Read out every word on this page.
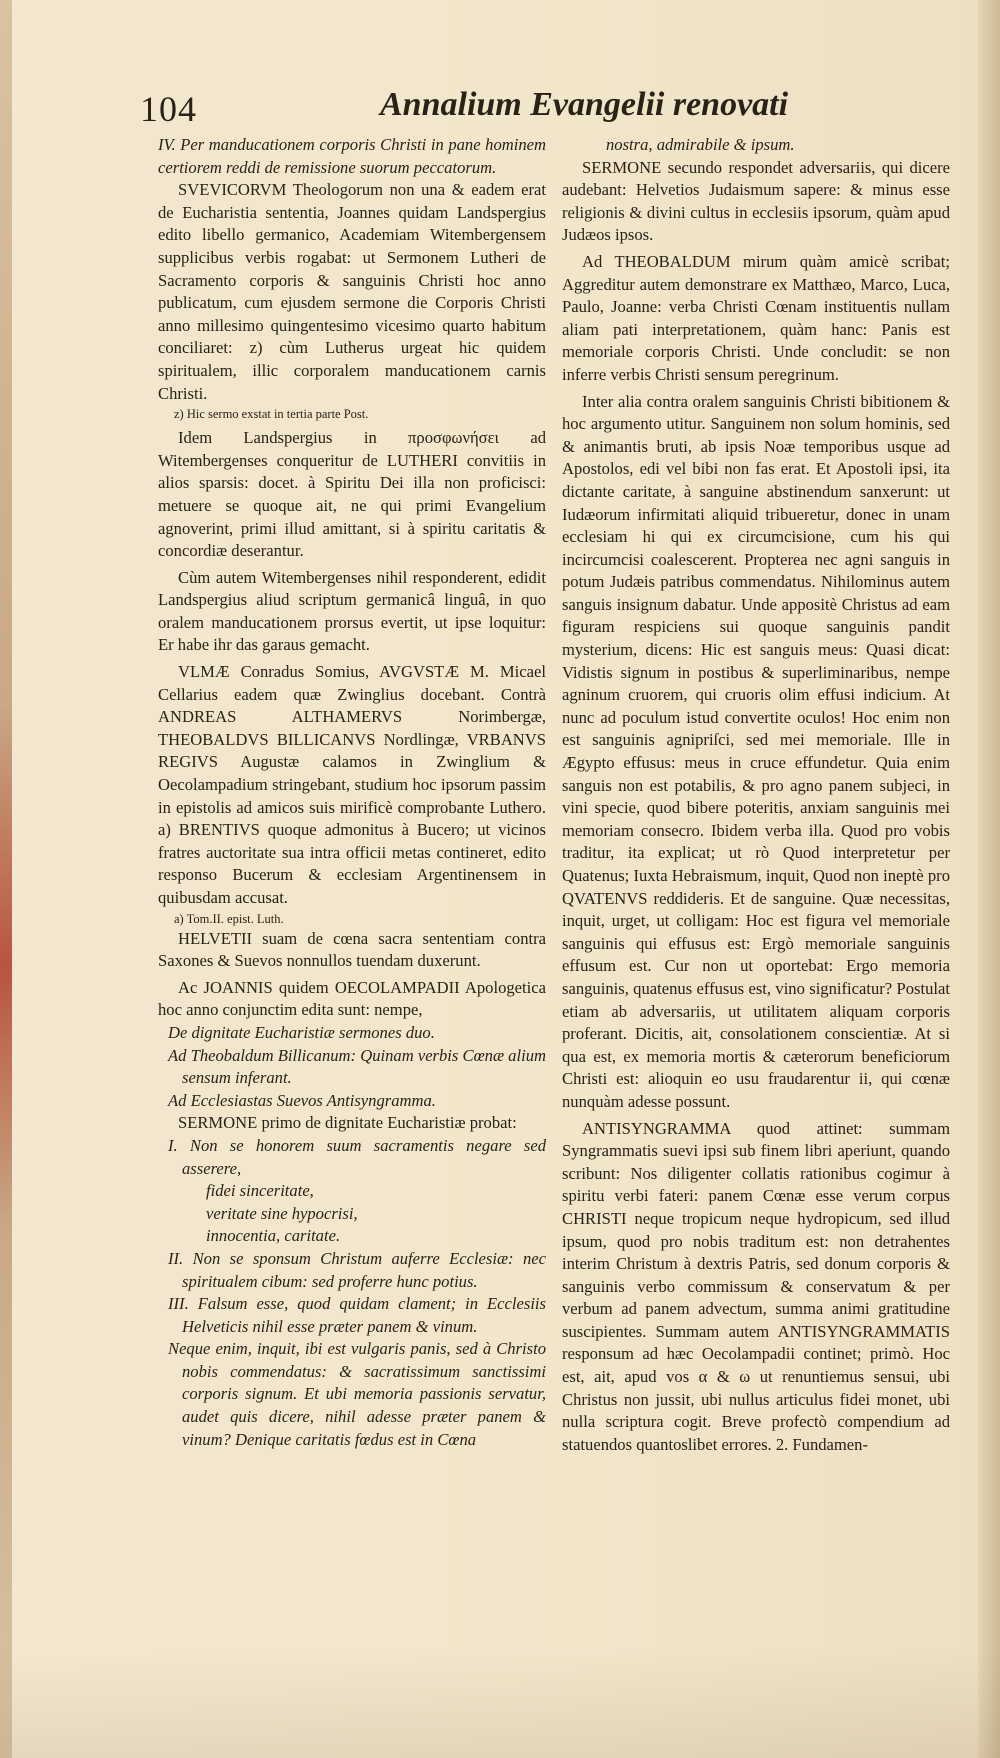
104	Annalium Evangelii renovati

IV. Per manducationem corporis Christi in pane hominem certiorem reddi de remissione suorum peccatorum.

SVEVICORVM Theologorum non una & eadem erat de Eucharistia sententia, Joannes quidam Landspergius edito libello germanico, Academiam Witembergensem supplicibus verbis rogabat: ut Sermonem Lutheri de Sacramento corporis & sanguinis Christi hoc anno publicatum, cum ejusdem sermone die Corporis Christi anno millesimo quingentesimo vicesimo quarto habitum conciliaret: z) cùm Lutherus urgeat hic quidem spiritualem, illic corporalem manducationem carnis Christi.

z) Hic sermo exstat in tertia parte Post.

Idem Landspergius in προσφωνήσει ad Witembergenses conqueritur de LUTHERI convitiis in alios sparsis: docet. à Spiritu Dei illa non proficisci: metuere se quoque ait, ne qui primi Evangelium agnoverint, primi illud amittant, si à spiritu caritatis & concordiæ deserantur.

Cùm autem Witembergenses nihil responderent, edidit Landspergius aliud scriptum germanicâ linguâ, in quo oralem manducationem prorsus evertit, ut ipse loquitur: Er habe ihr das garaus gemacht.

VLMÆ Conradus Somius, AVGVSTÆ M. Micael Cellarius eadem quæ Zwinglius docebant. Contrà ANDREAS ALTHAMERVS Norimbergæ, THEOBALDVS BILLICANVS Nordlingæ, VRBANVS REGIVS Augustæ calamos in Zwinglium & Oecolampadium stringebant, studium hoc ipsorum passim in epistolis ad amicos suis mirificè comprobante Luthero. a) BRENTIVS quoque admonitus à Bucero; ut vicinos fratres auctoritate sua intra officii metas contineret, edito responso Bucerum & ecclesiam Argentinensem in quibusdam accusat.

a) Tom.II. epist. Luth.

HELVETII suam de cœna sacra sententiam contra Saxones & Suevos nonnullos tuendam duxerunt.

Ac JOANNIS quidem OECOLAMPADII Apologetica hoc anno conjunctim edita sunt: nempe,

De dignitate Eucharistiæ sermones duo.

Ad Theobaldum Billicanum: Quinam verbis Cœnæ alium sensum inferant.

Ad Ecclesiastas Suevos Antisyngramma.

SERMONE primo de dignitate Eucharistiæ probat:

I. Non se honorem suum sacramentis negare sed asserere,

fidei sinceritate,

veritate sine hypocrisi,

innocentia, caritate.

II. Non se sponsum Christum auferre Ecclesiæ: nec spiritualem cibum: sed proferre hunc potius.

III. Falsum esse, quod quidam clament; in Ecclesiis Helveticis nihil esse præter panem & vinum.

Neque enim, inquit, ibi est vulgaris panis, sed à Christo nobis commendatus: & sacratissimum sanctissimi corporis signum. Et ubi memoria passionis servatur, audet quis dicere, nihil adesse præter panem & vinum? Denique caritatis fœdus est in Cœna

nostra, admirabile & ipsum.

SERMONE secundo respondet adversariis, qui dicere audebant: Helvetios Judaismum sapere: & minus esse religionis & divini cultus in ecclesiis ipsorum, quàm apud Judæos ipsos.

Ad THEOBALDUM mirum quàm amicè scribat; Aggreditur autem demonstrare ex Matthæo, Marco, Luca, Paulo, Joanne: verba Christi Cœnam instituentis nullam aliam pati interpretationem, quàm hanc: Panis est memoriale corporis Christi. Unde concludit: se non inferre verbis Christi sensum peregrinum.

Inter alia contra oralem sanguinis Christi bibitionem & hoc argumento utitur. Sanguinem non solum hominis, sed & animantis bruti, ab ipsis Noæ temporibus usque ad Apostolos, edi vel bibi non fas erat. Et Apostoli ipsi, ita dictante caritate, à sanguine abstinendum sanxerunt: ut Iudæorum infirmitati aliquid tribueretur, donec in unam ecclesiam hi qui ex circumcisione, cum his qui incircumcisi coalescerent. Propterea nec agni sanguis in potum Judæis patribus commendatus. Nihilominus autem sanguis insignum dabatur. Unde appositè Christus ad eam figuram respiciens sui quoque sanguinis pandit mysterium, dicens: Hic est sanguis meus: Quasi dicat: Vidistis signum in postibus & superliminaribus, nempe agninum cruorem, qui cruoris olim effusi indicium. At nunc ad poculum istud convertite oculos! Hoc enim non est sanguinis agnipriſci, sed mei memoriale. Ille in Ægypto effusus: meus in cruce effundetur. Quia enim sanguis non est potabilis, & pro agno panem subjeci, in vini specie, quod bibere poteritis, anxiam sanguinis mei memoriam consecro. Ibidem verba illa. Quod pro vobis traditur, ita explicat; ut rò Quod interpretetur per Quatenus; Iuxta Hebraismum, inquit, Quod non ineptè pro QVATENVS reddideris. Et de sanguine. Quæ necessitas, inquit, urget, ut colligam: Hoc est figura vel memoriale sanguinis qui effusus est: Ergò memoriale sanguinis effusum est. Cur non ut oportebat: Ergo memoria sanguinis, quatenus effusus est, vino significatur? Postulat etiam ab adversariis, ut utilitatem aliquam corporis proferant. Dicitis, ait, consolationem conscientiæ. At si qua est, ex memoria mortis & cæterorum beneficiorum Christi est: alioquin eo usu fraudarentur ii, qui cœnæ nunquàm adesse possunt.

ANTISYNGRAMMA quod attinet: summam Syngrammatis suevi ipsi sub finem libri aperiunt, quando scribunt: Nos diligenter collatis rationibus cogimur à spiritu verbi fateri: panem Cœnæ esse verum corpus CHRISTI neque tropicum neque hydropicum, sed illud ipsum, quod pro nobis traditum est: non detrahentes interim Christum à dextris Patris, sed donum corporis & sanguinis verbo commissum & conservatum & per verbum ad panem advectum, summa animi gratitudine suscipientes. Summam autem ANTISYNGRAMMATIS responsum ad hæc Oecolampadii continet; primò. Hoc est, ait, apud vos α & ω ut renuntiemus sensui, ubi Christus non jussit, ubi nullus articulus fidei monet, ubi nulla scriptura cogit. Breve profectò compendium ad statuendos quantoslibet errores. 2. Fundamen-
